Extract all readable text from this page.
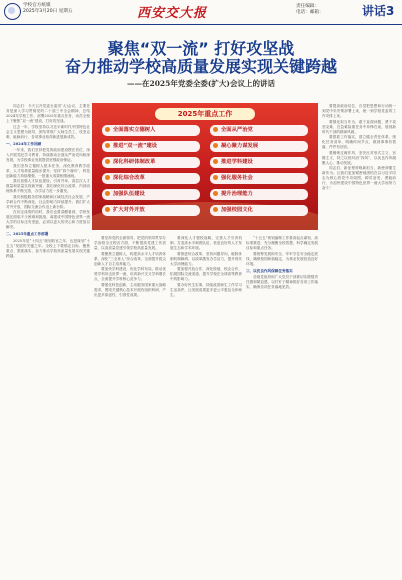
学校官方纸媒
2025年3月20日 星期五	西安交大报	责任编辑：
电话：邮箱：	讲话3
聚焦“双一流” 打好攻坚战
奋力推动学校高质量发展实现关键跨越
——在2025年党委全委(扩大)会议上的讲话

同志们：今天召开党委全委(扩大)会议，主要任务是深入学习贯彻党的二十届三中全会精神，总结2024年学校工作，部署2025年重点任务，动员全校上下聚焦“双一流”建设，打好攻坚战。

过去一年，学校坚持以习近平新时代中国特色社会主义思想为指导，团结带领广大师生员工，攻坚克难、砥砺前行，各项事业取得新进展新成效。

一、2024年工作回顾

一年来，我们坚持把党的政治建设摆在首位，深入开展党纪学习教育，持续推动全面从严治党向纵深发展，为学校事业发展提供坚强政治保证。

我们坚持立德树人根本任务，深化教育教学改革，人才培养质量稳步提升；坚持“四个面向”，科技创新能力持续增强，一批重大成果相继涌现。

我们加强人才队伍建设，引育并举，高层次人才数量和质量实现新突破；我们深化综合改革，内部治理体系不断完善，办学活力进一步激发。

我们积极服务国家战略和区域经济社会发展，产学研合作不断深化，社会影响力持续提升；我们扩大对外开放，国际交流合作迈上新台阶。

在肯定成绩的同时，我们也要清醒看到，学校发展还面临不少困难和挑战，离建成中国特色世界一流大学的目标还有差距，必须以更大的决心和力度加以解决。

二、2025年重点工作部署

2025年是“十四五”规划收官之年，也是谋划“十五五”发展的关键之年。全校上下要锚定目标、聚焦重点、狠抓落实，奋力推动学校高质量发展实现关键跨越。

2025年重点工作
全面落实立德树人
推进“双一流”建设
深化科研体制改革
深化综合改革
加强队伍建设
扩大对外开放
全面从严治党
凝心聚力谋发展
推进学科建设
强化服务社会
提升治理能力
加强校园文化

要坚持党的全面领导，把党的领导贯穿办学治校全过程各方面，不断提高党建工作质量，以高质量党建引领学校高质量发展。

要聚焦立德树人，构建高水平人才培养体系，深化“三全育人”综合改革，全面提升拔尖创新人才自主培养能力。

要加快学科建设，优化学科布局，推动优势学科冲击世界一流，培育新兴交叉学科增长点，全面提升学科核心竞争力。

要强化科技创新，主动服务国家重大战略需求，围绕关键核心技术开展有组织科研，产出更多原创性、引领性成果。

要深化人才强校战略，完善人才引育机制，打造高水平师资队伍，营造良好的人才发展生态和学术环境。

要推进综合改革，坚持问题导向，破除体制机制障碍，以改革激发办学活力，提升现代大学治理能力。

要加强开放合作，深化校地、校企合作，拓展国际交流渠道，提升学校在全球高等教育中的影响力。

要办好民生实事，持续改善师生工作学习生活条件，让发展成果更多更公平惠及全体师生。

“十五五”规划编制工作要高起点谋划、高标准推进，充分凝聚全校智慧，科学确定发展目标和重点任务。

要统筹发展和安全，牢牢守住安全稳定底线，确保校园和谐稳定，为事业发展营造良好环境。

三、以优良作风保障任务落实

各级党组织和广大党员干部要切实增强责任感和紧迫感，以钉钉子精神抓好各项工作落实，确保各项任务落地见效。

要提高政治站位，自觉把思想和行动统一到党中央决策部署上来，统一到学校党委的工作安排上来。

要强化担当作为，敢于直面问题、勇于攻坚克难，在急难险重任务中冲锋在前，展现新时代干部的精神风貌。

要狠抓工作落实，建立健全责任体系，细化任务清单，明确时间节点，做到事事有着落、件件有回音。

要锤炼过硬作风，坚决反对形式主义、官僚主义，持之以恒纠治“四风”，以优良作风凝聚人心、推动发展。

同志们，新征程呼唤新担当，新使命催生新作为。让我们更加紧密地团结在以习近平同志为核心的党中央周围，踔厉奋发、勇毅前行，为加快建设中国特色世界一流大学而努力奋斗！
